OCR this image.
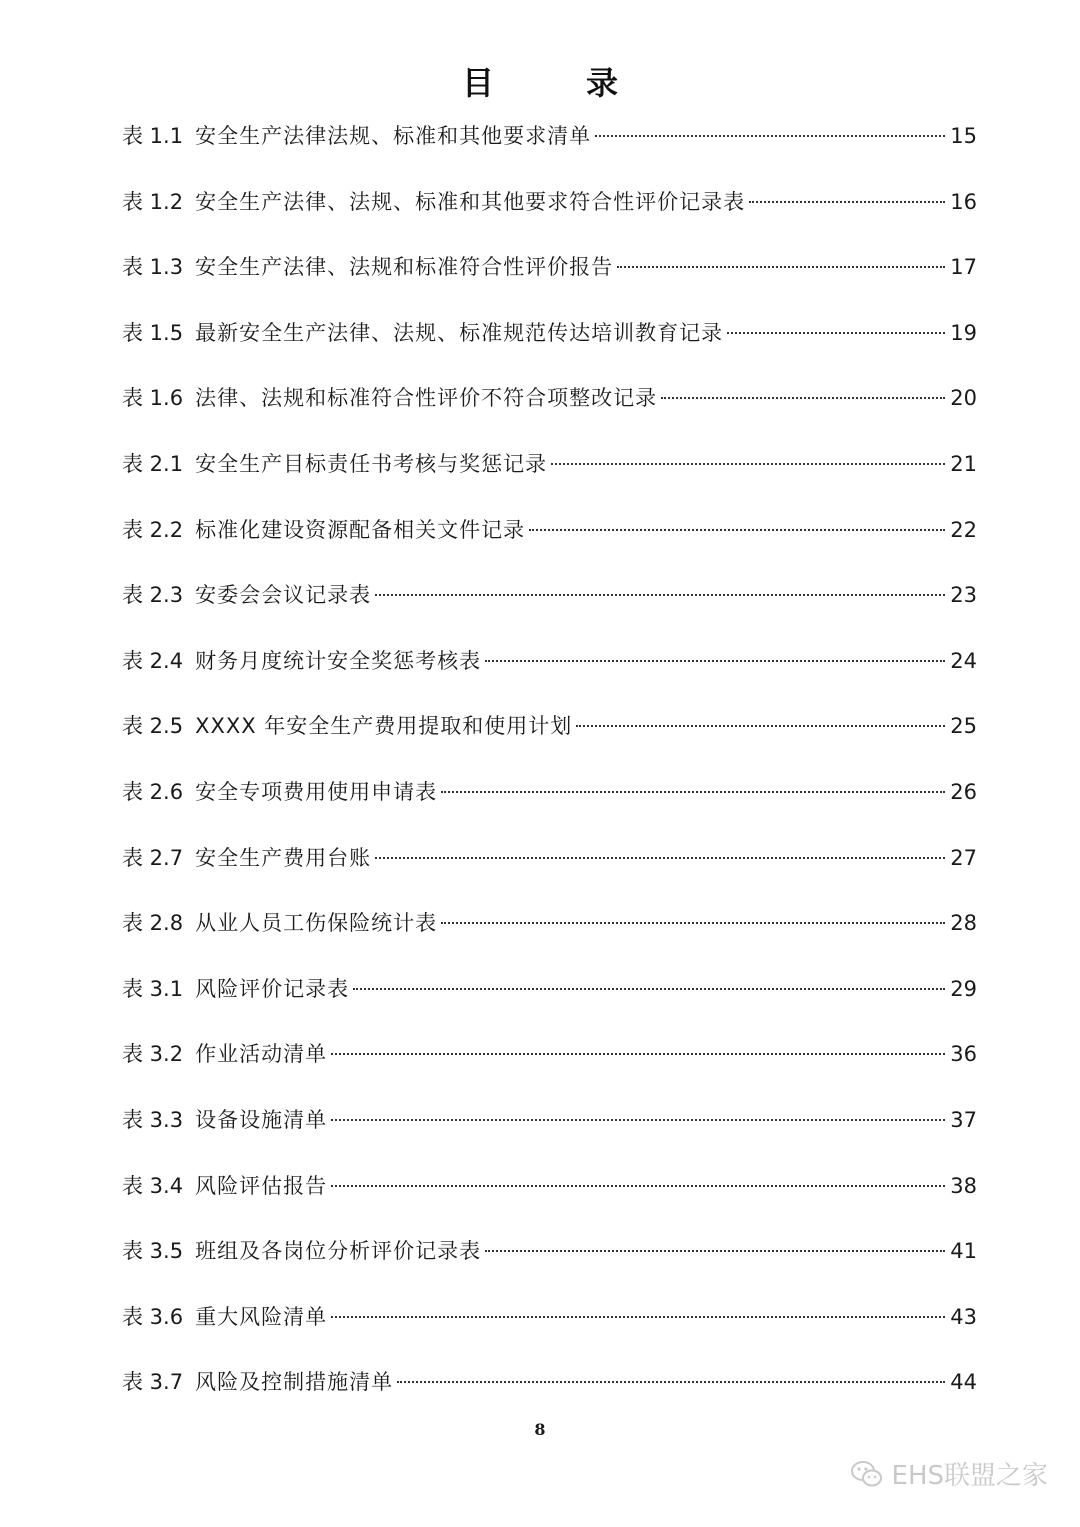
目　录
表 1.1 安全生产法律法规、标准和其他要求清单	15
表 1.2 安全生产法律、法规、标准和其他要求符合性评价记录表	16
表 1.3 安全生产法律、法规和标准符合性评价报告	17
表 1.5 最新安全生产法律、法规、标准规范传达培训教育记录	19
表 1.6 法律、法规和标准符合性评价不符合项整改记录	20
表 2.1 安全生产目标责任书考核与奖惩记录	21
表 2.2 标准化建设资源配备相关文件记录	22
表 2.3 安委会会议记录表	23
表 2.4 财务月度统计安全奖惩考核表	24
表 2.5 XXXX 年安全生产费用提取和使用计划	25
表 2.6 安全专项费用使用申请表	26
表 2.7 安全生产费用台账	27
表 2.8 从业人员工伤保险统计表	28
表 3.1 风险评价记录表	29
表 3.2 作业活动清单	36
表 3.3 设备设施清单	37
表 3.4 风险评估报告	38
表 3.5 班组及各岗位分析评价记录表	41
表 3.6 重大风险清单	43
表 3.7 风险及控制措施清单	44
8
EHS联盟之家
